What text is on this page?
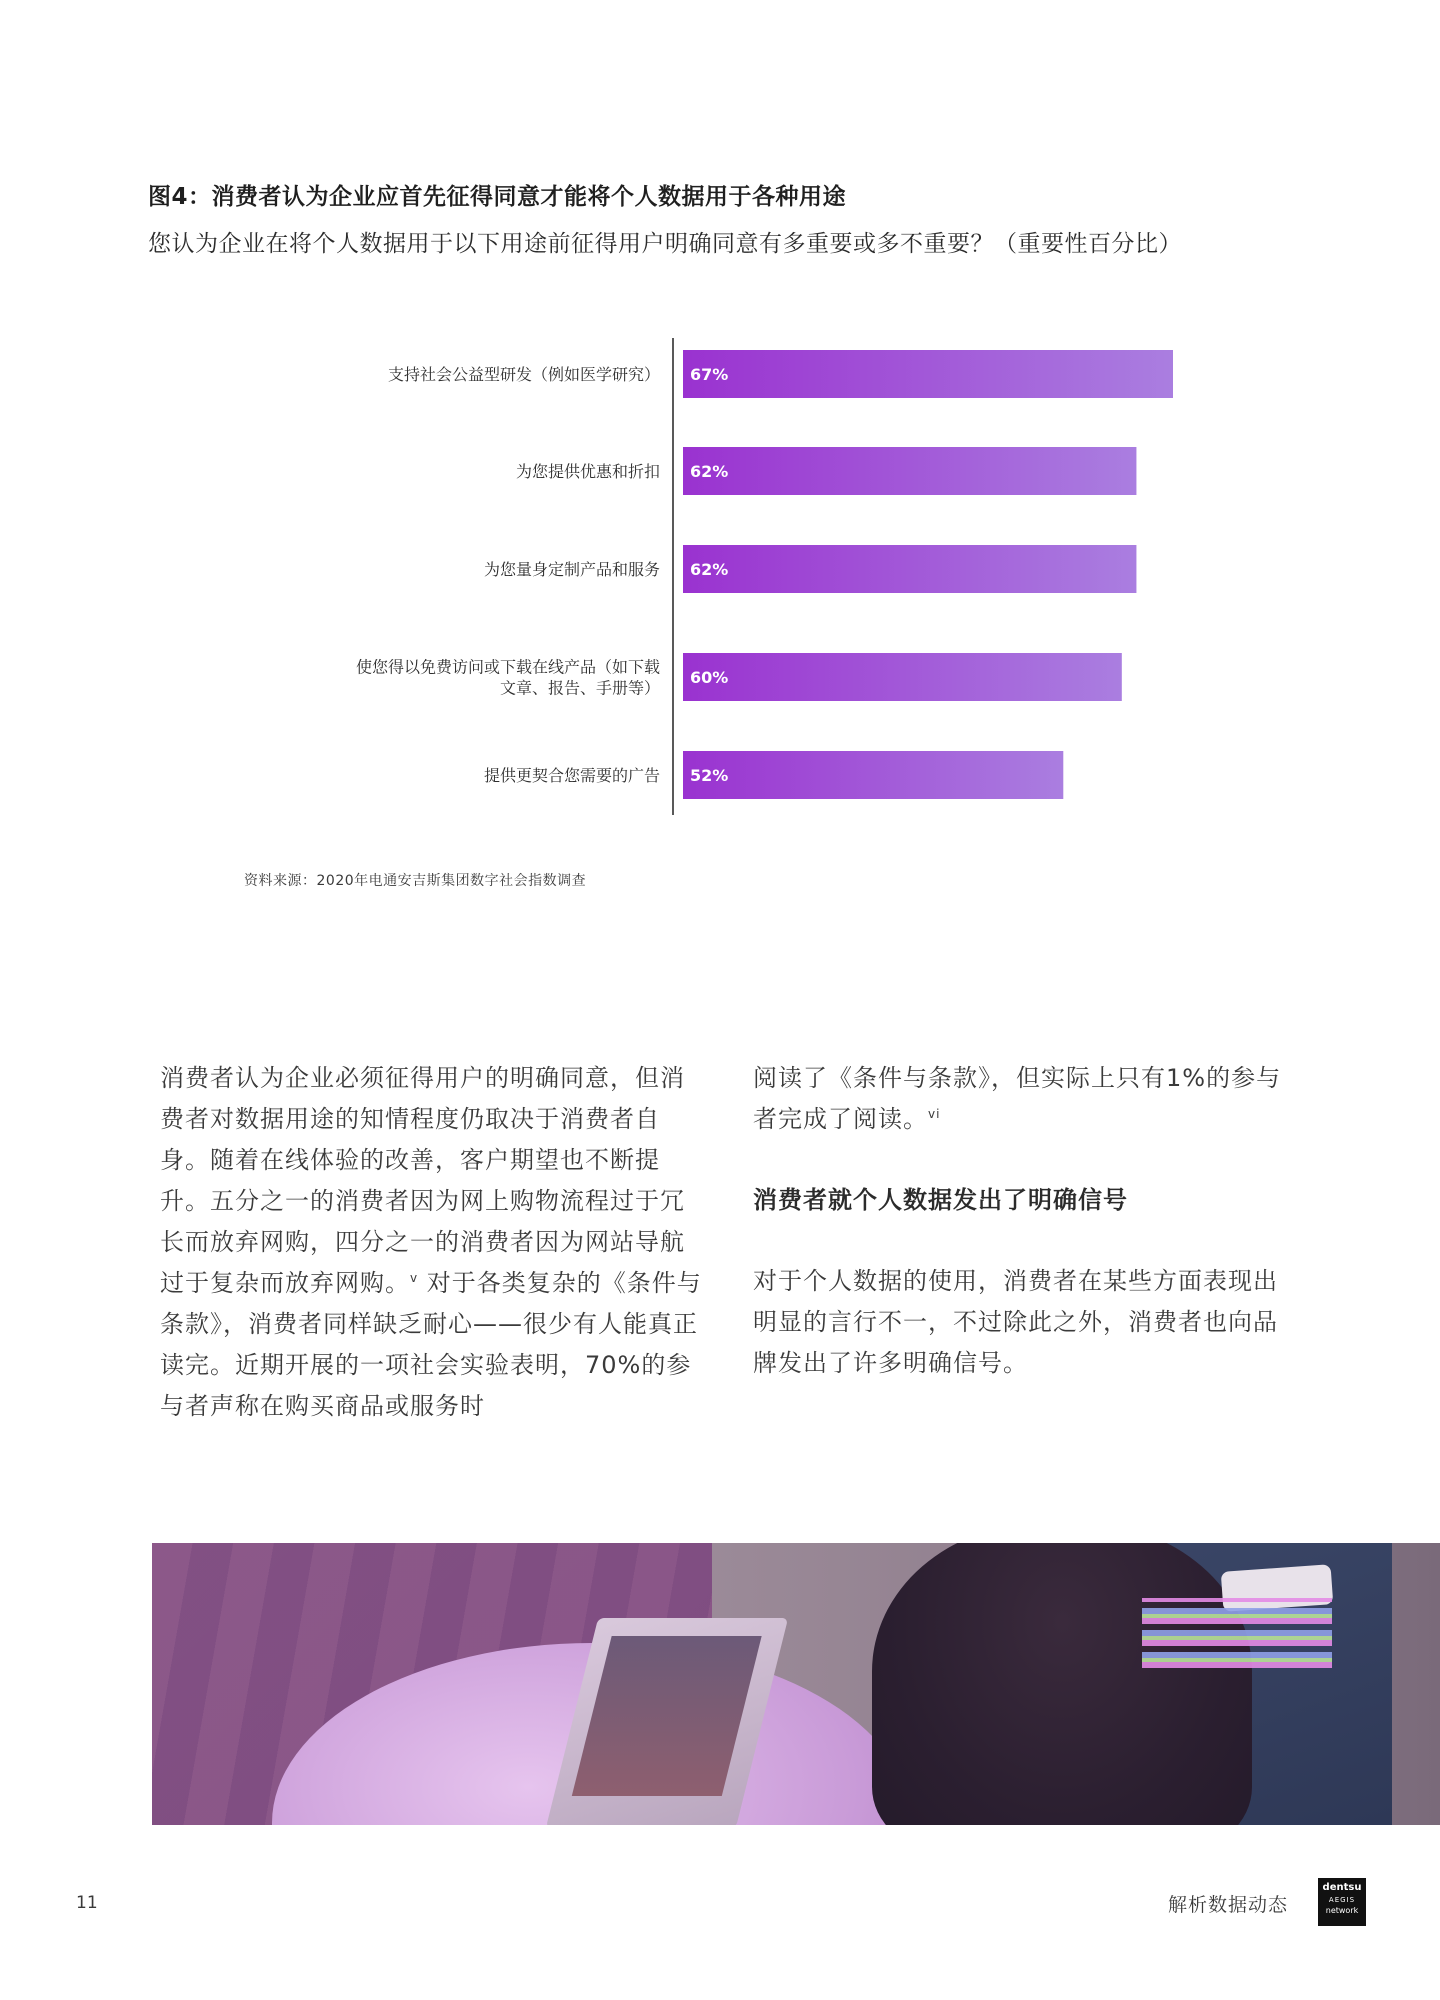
图4：消费者认为企业应首先征得同意才能将个人数据用于各种用途
您认为企业在将个人数据用于以下用途前征得用户明确同意有多重要或多不重要？（重要性百分比）
67%
支持社会公益型研发（例如医学研究）
62%
为您提供优惠和折扣
62%
为您量身定制产品和服务
60%
使您得以免费访问或下载在线产品（如下载
文章、报告、手册等）
52%
提供更契合您需要的广告
资料来源：2020年电通安吉斯集团数字社会指数调查

消费者认为企业必须征得用户的明确同意，但消费者对数据用途的知情程度仍取决于消费者自身。随着在线体验的改善，客户期望也不断提升。五分之一的消费者因为网上购物流程过于冗长而放弃网购，四分之一的消费者因为网站导航过于复杂而放弃网购。$^v$ 对于各类复杂的《条件与条款》，消费者同样缺乏耐心——很少有人能真正读完。近期开展的一项社会实验表明，70%的参与者声称在购买商品或服务时

阅读了《条件与条款》，但实际上只有1%的参与者完成了阅读。$^{vi}$

消费者就个人数据发出了明确信号

对于个人数据的使用，消费者在某些方面表现出明显的言行不一，不过除此之外，消费者也向品牌发出了许多明确信号。

11	解析数据动态
dentsu
AEGIS
network
